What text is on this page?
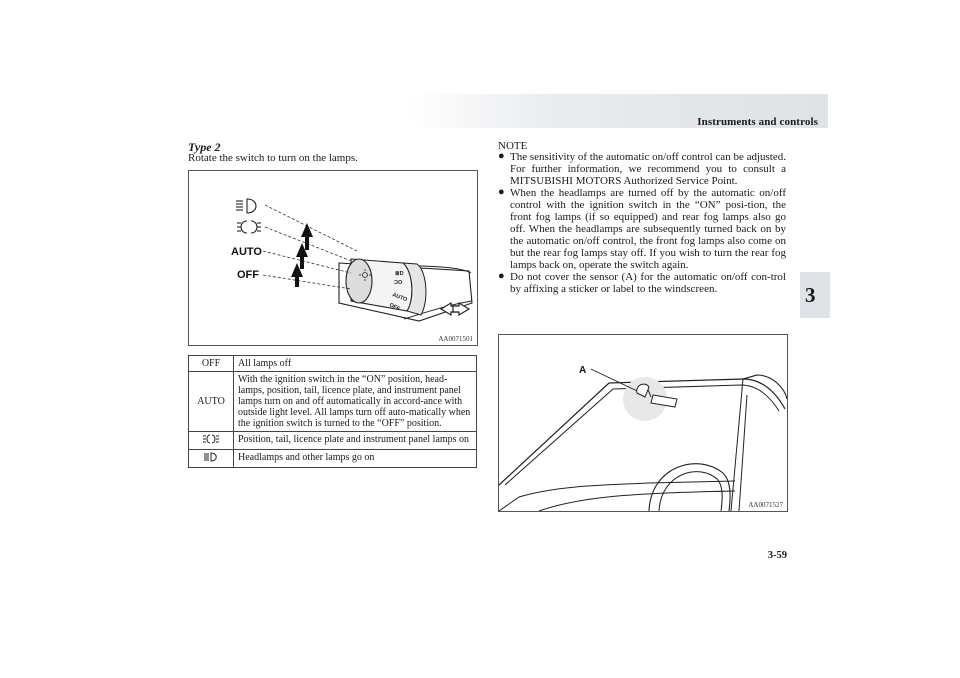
Instruments and controls
3
Type 2
Rotate the switch to turn on the lamps.
≣D
ƆO
AUTO
OFF
AUTO
OFF
AA0071501
OFF	All lamps off
AUTO	With the ignition switch in the “ON” position, head-lamps, position, tail, licence plate, and instrument panel lamps turn on and off automatically in accord-ance with outside light level. All lamps turn off auto-matically when the ignition switch is turned to the “OFF” position.
	Position, tail, licence plate and instrument panel lamps on
	Headlamps and other lamps go on
NOTE
● The sensitivity of the automatic on/off control can be adjusted. For further information, we recommend you to consult a MITSUBISHI MOTORS Authorized Service Point.
● When the headlamps are turned off by the automatic on/off control with the ignition switch in the “ON” posi-tion, the front fog lamps (if so equipped) and rear fog lamps also go off. When the headlamps are subsequently turned back on by the automatic on/off control, the front fog lamps also come on but the rear fog lamps stay off. If you wish to turn the rear fog lamps back on, operate the switch again.
● Do not cover the sensor (A) for the automatic on/off con-trol by affixing a sticker or label to the windscreen.
A
AA0071527
3-59
